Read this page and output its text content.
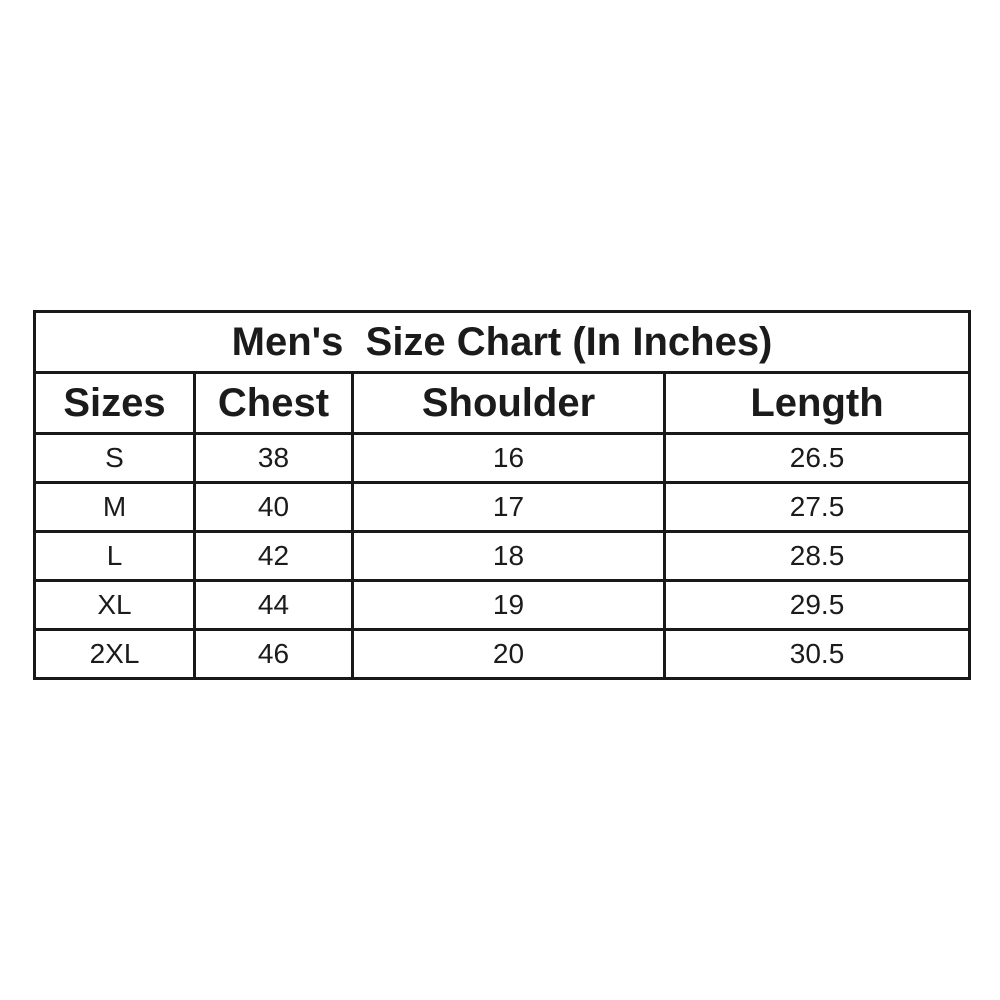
Men's  Size Chart (In Inches)			
Sizes	Chest	Shoulder	Length
S	38	16	26.5
M	40	17	27.5
L	42	18	28.5
XL	44	19	29.5
2XL	46	20	30.5
